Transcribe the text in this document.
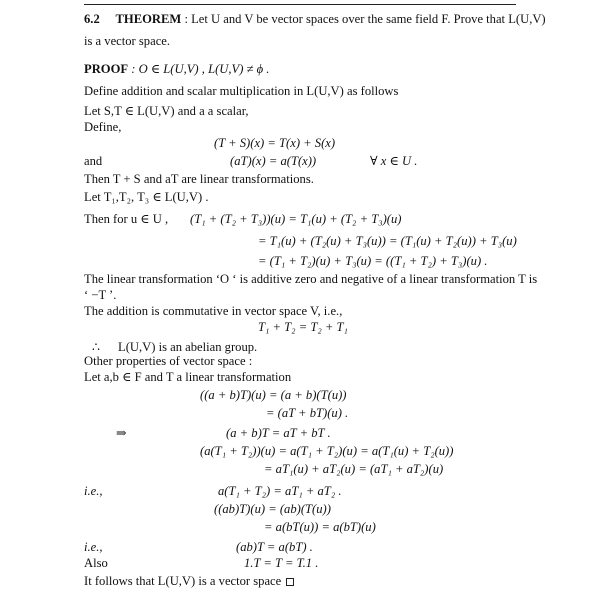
6.2 THEOREM : Let U and V be vector spaces over the same field F. Prove that L(U,V)
is a vector space.
PROOF : O ∈ L(U,V) , L(U,V) ≠ ϕ .
Define addition and scalar multiplication in L(U,V) as follows
Let S,T ∈ L(U,V) and a a scalar,
Define,
(T + S)(x) = T(x) + S(x)
and	(aT)(x) = a(T(x))	∀ x ∈ U .
Then T + S and aT are linear transformations.
Let T₁,T₂, T₃ ∈ L(U,V) .
Then for u ∈ U , (T₁ + (T₂ + T₃))(u) = T₁(u) + (T₂ + T₃)(u)
= T₁(u) + (T₂(u) + T₃(u)) = (T₁(u) + T₂(u)) + T₃(u)
= (T₁ + T₂)(u) + T₃(u) = ((T₁ + T₂) + T₃)(u) .
The linear transformation ‘O ‘ is additive zero and negative of a linear transformation T is
‘ −T ’.
The addition is commutative in vector space V, i.e.,
T₁ + T₂ = T₂ + T₁
∴ L(U,V) is an abelian group.
Other properties of vector space :
Let a,b ∈ F and T a linear transformation
((a + b)T)(u) = (a + b)(T(u))
= (aT + bT)(u) .
⇒	(a + b)T = aT + bT .
(a(T₁ + T₂))(u) = a(T₁ + T₂)(u) = a(T₁(u) + T₂(u))
= aT₁(u) + aT₂(u) = (aT₁ + aT₂)(u)
i.e.,	a(T₁ + T₂) = aT₁ + aT₂ .
((ab)T)(u) = (ab)(T(u))
= a(bT(u)) = a(bT)(u)
i.e.,	(ab)T = a(bT) .
Also	1.T = T = T.1 .
It follows that L(U,V) is a vector space
